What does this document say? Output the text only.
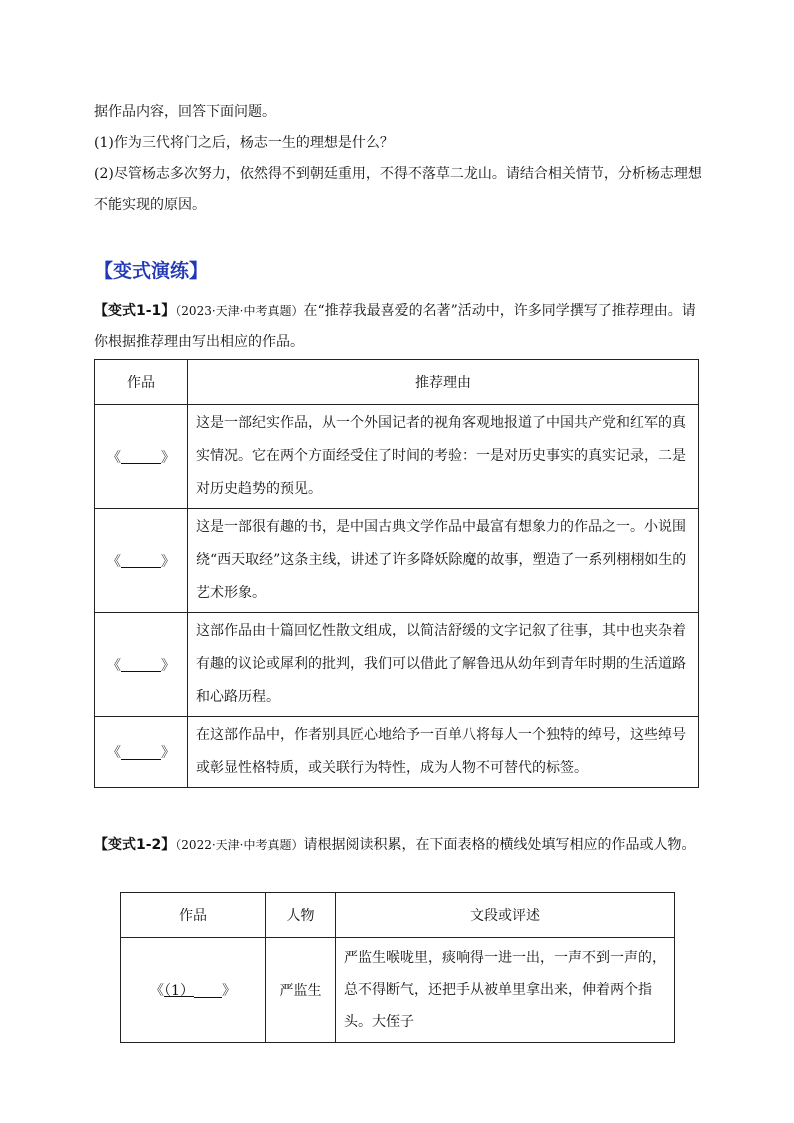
据作品内容，回答下面问题。
(1)作为三代将门之后，杨志一生的理想是什么？
(2)尽管杨志多次努力，依然得不到朝廷重用，不得不落草二龙山。请结合相关情节，分析杨志理想不能实现的原因。
【变式演练】
【变式1-1】（2023·天津·中考真题）在“推荐我最喜爱的名著”活动中，许多同学撰写了推荐理由。请你根据推荐理由写出相应的作品。
作品	推荐理由
《 》	这是一部纪实作品，从一个外国记者的视角客观地报道了中国共产党和红军的真实情况。它在两个方面经受住了时间的考验：一是对历史事实的真实记录，二是对历史趋势的预见。
《 》	这是一部很有趣的书，是中国古典文学作品中最富有想象力的作品之一。小说围绕“西天取经”这条主线，讲述了许多降妖除魔的故事，塑造了一系列栩栩如生的艺术形象。
《 》	这部作品由十篇回忆性散文组成，以简洁舒缓的文字记叙了往事，其中也夹杂着有趣的议论或犀利的批判，我们可以借此了解鲁迅从幼年到青年时期的生活道路和心路历程。
《 》	在这部作品中，作者别具匠心地给予一百单八将每人一个独特的绰号，这些绰号或彰显性格特质，或关联行为特性，成为人物不可替代的标签。
【变式1-2】（2022·天津·中考真题）请根据阅读积累，在下面表格的横线处填写相应的作品或人物。
作品	人物	文段或评述
《（1） 》	严监生	严监生喉咙里，痰响得一进一出，一声不到一声的，总不得断气，还把手从被单里拿出来，伸着两个指头。大侄子
